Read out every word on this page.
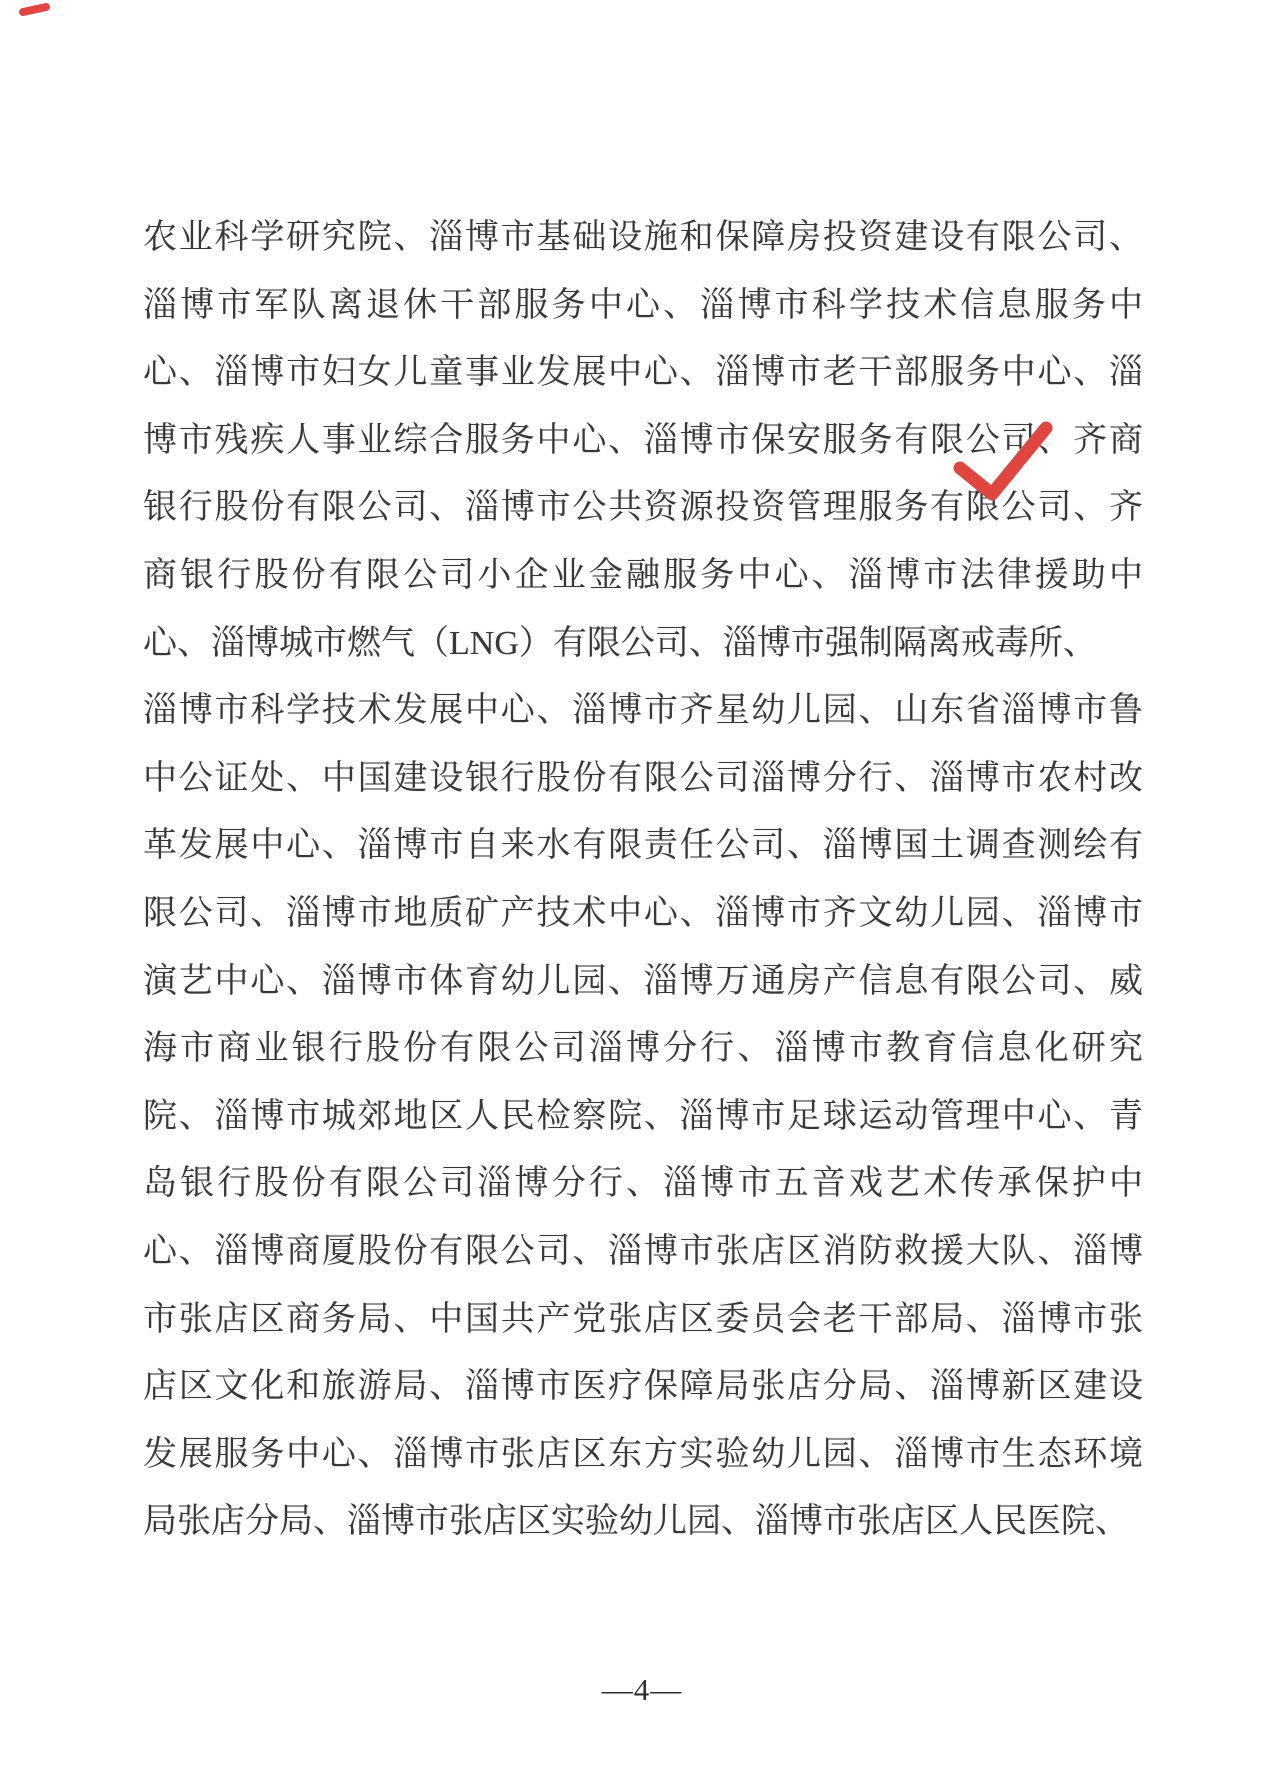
农业科学研究院、淄博市基础设施和保障房投资建设有限公司、
淄博市军队离退休干部服务中心、淄博市科学技术信息服务中
心、淄博市妇女儿童事业发展中心、淄博市老干部服务中心、淄
博市残疾人事业综合服务中心、淄博市保安服务有限公司、齐商
银行股份有限公司、淄博市公共资源投资管理服务有限公司、齐
商银行股份有限公司小企业金融服务中心、淄博市法律援助中
心、淄博城市燃气（LNG）有限公司、淄博市强制隔离戒毒所、
淄博市科学技术发展中心、淄博市齐星幼儿园、山东省淄博市鲁
中公证处、中国建设银行股份有限公司淄博分行、淄博市农村改
革发展中心、淄博市自来水有限责任公司、淄博国土调查测绘有
限公司、淄博市地质矿产技术中心、淄博市齐文幼儿园、淄博市
演艺中心、淄博市体育幼儿园、淄博万通房产信息有限公司、威
海市商业银行股份有限公司淄博分行、淄博市教育信息化研究
院、淄博市城郊地区人民检察院、淄博市足球运动管理中心、青
岛银行股份有限公司淄博分行、淄博市五音戏艺术传承保护中
心、淄博商厦股份有限公司、淄博市张店区消防救援大队、淄博
市张店区商务局、中国共产党张店区委员会老干部局、淄博市张
店区文化和旅游局、淄博市医疗保障局张店分局、淄博新区建设
发展服务中心、淄博市张店区东方实验幼儿园、淄博市生态环境
局张店分局、淄博市张店区实验幼儿园、淄博市张店区人民医院、
—4—
